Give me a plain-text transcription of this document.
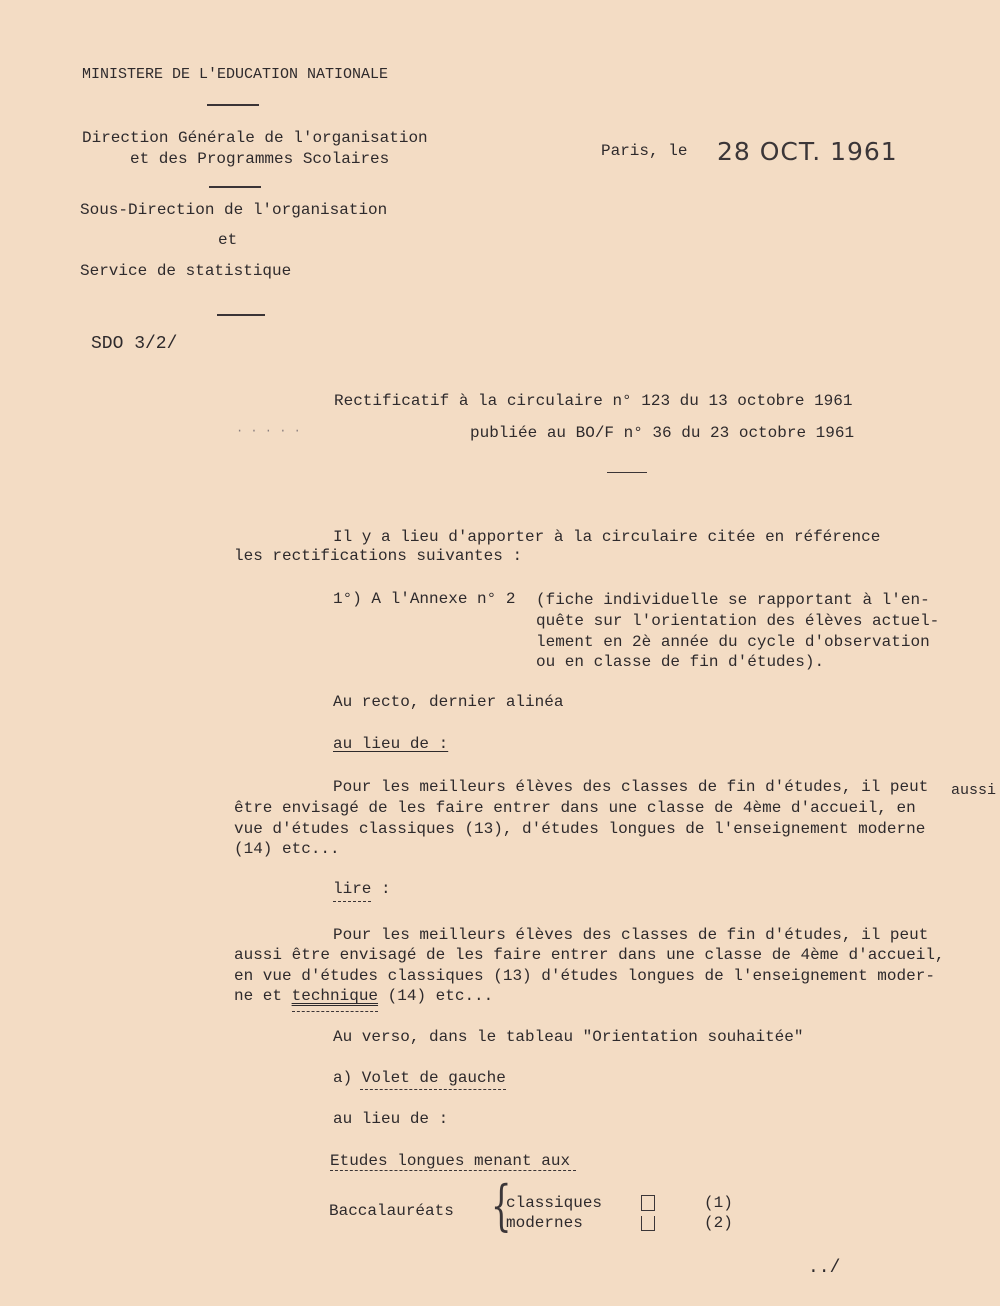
MINISTERE DE L'EDUCATION NATIONALE
Direction Générale de l'organisation
et des Programmes Scolaires
Sous-Direction de l'organisation
et
Service de statistique
SDO 3/2/
Paris, le 28 OCT. 1961
Rectificatif à la circulaire n° 123 du 13 octobre 1961
· · · · ·	publiée au BO/F n° 36 du 23 octobre 1961
Il y a lieu d'apporter à la circulaire citée en référence
les rectifications suivantes :
1°) A l'Annexe n° 2 (fiche individuelle se rapportant à l'en-
quête sur l'orientation des élèves actuel-
lement en 2è année du cycle d'observation
ou en classe de fin d'études).
Au recto, dernier alinéa
au lieu de :
Pour les meilleurs élèves des classes de fin d'études, il peut aussi
être envisagé de les faire entrer dans une classe de 4ème d'accueil, en
vue d'études classiques (13), d'études longues de l'enseignement moderne
(14) etc...
lire :
Pour les meilleurs élèves des classes de fin d'études, il peut
aussi être envisagé de les faire entrer dans une classe de 4ème d'accueil,
en vue d'études classiques (13) d'études longues de l'enseignement moder-
ne et technique (14) etc...
Au verso, dans le tableau "Orientation souhaitée"
a) Volet de gauche
au lieu de :
Etudes longues menant aux
Baccalauréats {
classiques
modernes
(1)
(2)
../
